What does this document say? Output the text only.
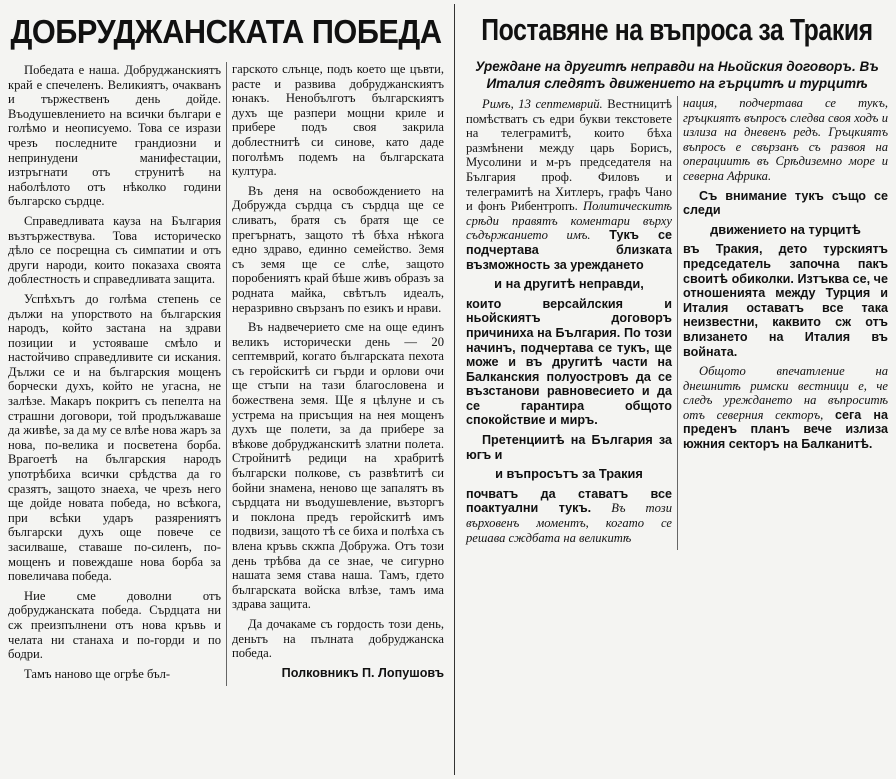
ДОБРУДЖАНСКАТА ПОБЕДА

Победата е наша. Добруджанскиятъ край е спечеленъ. Великиятъ, очакванъ и тържественъ день дойде. Въодушевлението на всички българи е голѣмо и неописуемо. Това се изрази чрезъ последните грандиозни и непринудени манифестации, изтръгнати отъ струнитѣ на наболѣлото отъ нѣколко години българско сърдце.

Справедливата кауза на България възтържествува. Това историческо дѣло се посрещна съ симпатии и отъ други народи, които показаха своята доблестность и справедливата защита.

Успѣхътъ до голѣма степень се дължи на упорството на българския народъ, който застана на здрави позиции и устояваше смѣло и настойчиво справедливите си искания. Дължи се и на българския мощенъ борчески духъ, който не угасна, не залѣзе. Макаръ покритъ съ пепелта на страшни договори, той продължаваше да живѣе, за да му се влѣе нова жаръ за нова, по-велика и посветена борба. Врагоетѣ на българския народъ употрѣбиха всички срѣдства да го сразятъ, защото знаеха, че чрезъ него ще дойде новата победа, но всѣкога, при всѣки ударъ разярениятъ български духъ още повече се засилваше, ставаше по-силенъ, по-мощенъ и повеждаше нова борба за повеличава победа.

Ние сме доволни отъ добруджанската победа. Сърдцата ни сж преизпълнени отъ нова кръвь и челата ни станаха и по-горди и по бодри.

Тамъ наново ще огрѣе бъл-

гарското слънце, подъ което ще цъвти, расте и развива добруджанскиятъ юнакъ. Ненобълготъ българскиятъ духъ ще разпери мощни криле и прибере подъ своя закрила доблестнитѣ си синове, като даде поголѣмъ подемъ на българската култура.

Въ деня на освобождението на Добружда сърдца съ сърдца ще се сливатъ, братя съ братя ще се прегърнатъ, защото тѣ бѣха нѣкога едно здраво, единно семейство. Земя съ земя ще се слѣе, защото поробениятъ край бѣше живъ образъ за родната майка, свѣтълъ идеалъ, неразривно свързанъ по езикъ и нрави.

Въ надвечерието сме на още единъ великъ исторически день — 20 септемврий, когато българската пехота съ геройскитѣ си гърди и орлови очи ще стъпи на тази благословена и божествена земя. Ще я цѣлуне и съ устрема на присъщия на нея мощенъ духъ ще полети, за да прибере за вѣкове добруджанскитѣ златни полета. Стройнитѣ редици на храбритѣ български полкове, съ развѣтитѣ си бойни знамена, неново ще запалятъ въ сърдцата ни въодушевление, възторгъ и поклона предъ геройскитѣ имъ подвизи, защото тѣ се биха и полѣха съ влена кръвь скжпа Добружа. Отъ този день трѣбва да се знае, че сигурно нашата земя става наша. Тамъ, гдето българската войска влѣзе, тамъ има здрава защита.

Да дочакаме съ гордость този день, деньтъ на пълната добруджанска победа.

Полковникъ П. Лопушовъ

Поставяне на въпроса за Тракия
Уреждане на другитѣ неправди на Ньойския договоръ. Въ Италия следятъ движението на гърцитѣ и турцитѣ

Римъ, 13 септемврий. Вестницитѣ помѣстватъ съ едри букви текстовете на телеграмитѣ, които бѣха размѣнени между царь Борисъ, Мусолини и м-ръ председателя на България проф. Филовъ и телеграмитѣ на Хитлеръ, графъ Чано и фонъ Рибентропъ. Политическитѣ срѣди правятъ коментари върху съдържанието имъ. Тукъ се подчертава близката възможность за уреждането

и на другитѣ неправди,

които версайлския и ньойскиятъ договоръ причиниха на България. По този начинъ, подчертава се тукъ, ще може и въ другитѣ части на Балканския полуостровъ да се възстанови равновесието и да се гарантира общото спокойствие и миръ.

Претенциитѣ на България за югъ и

и въпросътъ за Тракия

почватъ да ставатъ все поактуални тукъ. Въ този върховенъ моментъ, когато се решава сждбата на великитѣ

нация, подчертава се тукъ, гръцкиятъ въпросъ следва своя ходъ и излиза на дневенъ редъ. Гръцкиятъ въпросъ е свързанъ съ развоя на операциитѣ въ Срѣдиземно море и северна Африка.

Съ внимание тукъ също се следи

движението на турцитѣ

въ Тракия, дето турскиятъ председатель започна пакъ своитѣ обиколки. Изтъква се, че отношенията между Турция и Италия оставатъ все така неизвестни, каквито сж отъ влизането на Италия въ войната.

Общото впечатление на днешнитѣ римски вестници е, че следъ уреждането на въпроситѣ отъ северния секторъ, сега на преденъ планъ вече излиза южния секторъ на Балканитѣ.
